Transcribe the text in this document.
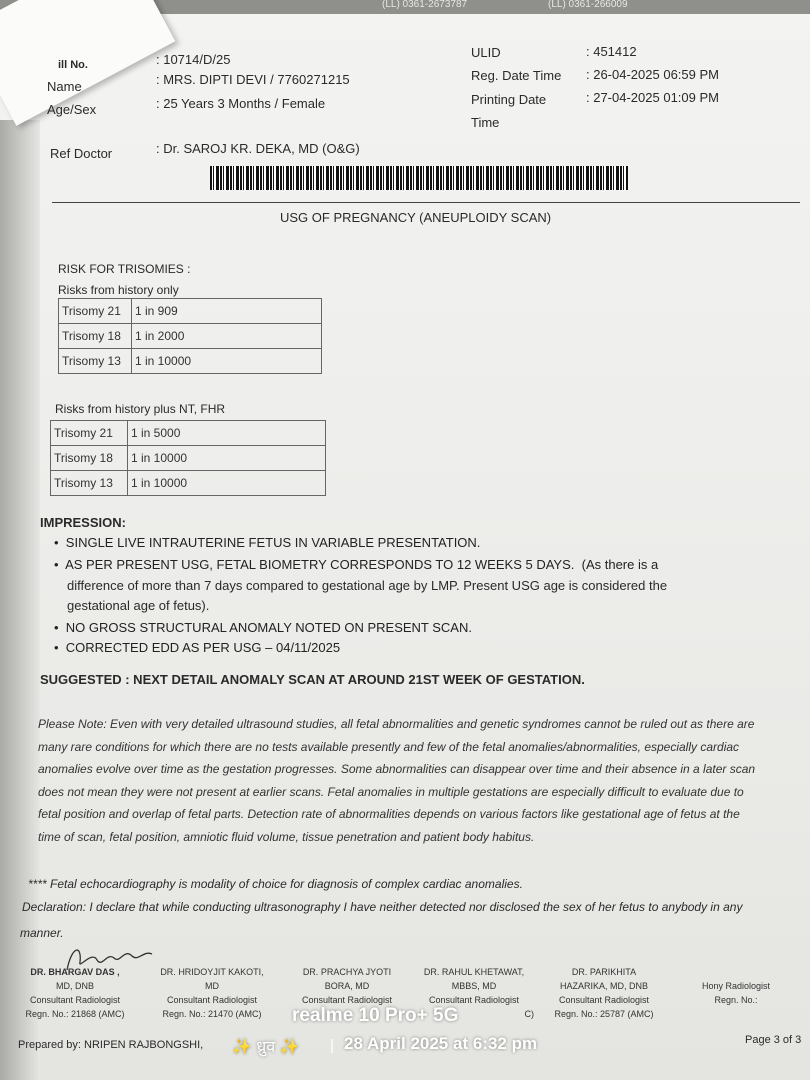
(LL) 0361-2673787	(LL) 0361-266009
ill No.	: 10714/D/25
Name	: MRS. DIPTI DEVI / 7760271215
Age/Sex	: 25 Years 3 Months / Female
Ref Doctor	: Dr. SAROJ KR. DEKA, MD (O&G)
ULID	: 451412
Reg. Date Time : 26-04-2025 06:59 PM
Printing Date
Time
: 27-04-2025 01:09 PM
USG OF PREGNANCY (ANEUPLOIDY SCAN)
RISK FOR TRISOMIES :
Risks from history only
Trisomy 21	1 in 909
Trisomy 18	1 in 2000
Trisomy 13	1 in 10000
Risks from history plus NT, FHR
Trisomy 21	1 in 5000
Trisomy 18	1 in 10000
Trisomy 13	1 in 10000
IMPRESSION:
•  SINGLE LIVE INTRAUTERINE FETUS IN VARIABLE PRESENTATION.
•  AS PER PRESENT USG, FETAL BIOMETRY CORRESPONDS TO 12 WEEKS 5 DAYS. (As there is a
difference of more than 7 days compared to gestational age by LMP. Present USG age is considered the
gestational age of fetus).
•  NO GROSS STRUCTURAL ANOMALY NOTED ON PRESENT SCAN.
•  CORRECTED EDD AS PER USG – 04/11/2025
SUGGESTED : NEXT DETAIL ANOMALY SCAN AT AROUND 21ST WEEK OF GESTATION.
Please Note: Even with very detailed ultrasound studies, all fetal abnormalities and genetic syndromes cannot be ruled out as there are
many rare conditions for which there are no tests available presently and few of the fetal anomalies/abnormalities, especially cardiac
anomalies evolve over time as the gestation progresses. Some abnormalities can disappear over time and their absence in a later scan
does not mean they were not present at earlier scans. Fetal anomalies in multiple gestations are especially difficult to evaluate due to
fetal position and overlap of fetal parts. Detection rate of abnormalities depends on various factors like gestational age of fetus at the
time of scan, fetal position, amniotic fluid volume, tissue penetration and patient body habitus.
**** Fetal echocardiography is modality of choice for diagnosis of complex cardiac anomalies.
Declaration: I declare that while conducting ultrasonography I have neither detected nor disclosed the sex of her fetus to anybody in any
manner.
DR. BHARGAV DAS ,
MD, DNB
Consultant Radiologist
Regn. No.: 21868 (AMC)
DR. HRIDOYJIT KAKOTI,
MD
Consultant Radiologist
Regn. No.: 21470 (AMC)
DR. PRACHYA JYOTI
BORA, MD
Consultant Radiologist
DR. RAHUL KHETAWAT,
MBBS, MD
Consultant Radiologist
C)
DR. PARIKHITA
HAZARIKA, MD, DNB
Consultant Radiologist
Regn. No.: 25787 (AMC)
Hony Radiologist
Regn. No.:
Prepared by: NRIPEN RAJBONGSHI,	Page 3 of 3
realme 10 Pro+ 5G
✨ ध्रुव ✨ | 28 April 2025 at 6:32 pm
